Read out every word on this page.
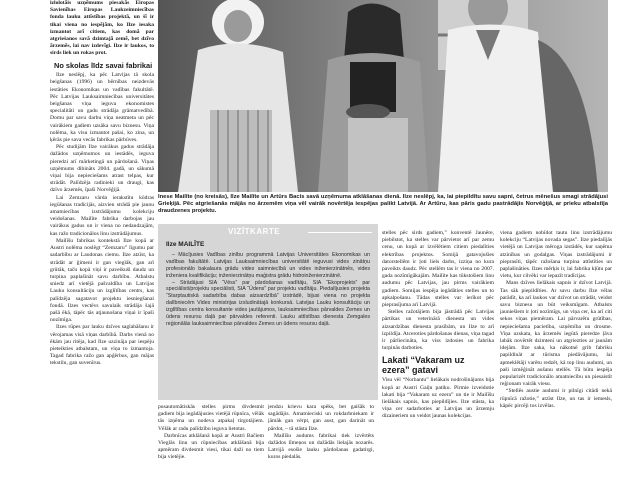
izlolotāis uzņēmums piesakās Eiropas Savienības Eiropas Laukzeimniecības fonda lauku attīstības projektā, un šī ir tikai viena no iespējām, ko Ilze iesaka izmantot arī citiem, kas domā par atgriešanos savā dzimtajā zemē, bet dzīvo ārzemēs, lai nav izdevīgi. Ilze ir laukos, to sirds liek un rokas prot.

No skolas līdz savai fabrikai

Ilze neslēpj, ka pēc Latvijas tā skola beigšanas (1996) un bērnības neizdevās iestāties Ekonomikas un vadības fakultātē. Pēc Latvijas Lauksaimniecības universitātes beigšanas viņa ieguva ekonomistes specialitāti un gadu strādāja grāmatvedībā. Domu par savu darbu viņa neatmeta un pēc vairākiem gadiem uzsāka savu biznesu. Viņa nolēma, ka visu izmantot pašai, ko zina, un ķērās pie sava vecās fabrikas pārbūves.

Pēc studijām Ilze vairākus gadus strādāja dažādos uzņēmumos un iestādēs, ieguva pieredzi arī mārketingā un pārdošanā. Viņas uzņēmums dibināts 2004. gadā, un sākumā viņai bija nepieciešams atrast telpas, kur strādāt. Palīdzēja radinieki un draugi, kas dzīvo ārzemēs, īpaši Norvēģijā.

Lai Zemzaru vārda ierakstītu kūdras iegūšanas tradīcijās, aizvien strādā pie jaunu amatniecības izstrādājumu kolekciju veidošanas. Mailīte fabrika darbojas jau vairākus gadus un ir viena no nedaudzajām, kas ražo tradicionālos linu izstrādājumus.

Mailīšu fabrikas kontekstā Ilze kopā ar Austri nolēma noslēgt “Zemzaru” līgumu par sadarbību ar Laudonas ciemu. Ilze atzīst, ka strādāt ar ģimeni ir gan vieglāk, gan arī grūtāk, taču kopā viņi ir paveikuši daudz un turpina paplašināt savu darbību. Atbalstu sniedz arī vietējā pašvaldība un Latvijas Lauku konsultāciju un izglītības centrs, kas palīdzēja sagatavot projektu iesniegšanai fondā. Ilzes vectēvs savulaik strādāja šajā pašā ēkā, tāpēc tās atjaunošana viņai ir īpaši nozīmīga.

Ilzes rūpes par lauku dzīves saglabāšanu ir vērojamas visā viņas darbībā. Darbs vienā no ēkām jau ritēja, kad Ilze uzzināja par iespēju pieteikties atbalstam, un viņa to izmantoja. Tagad fabrika ražo gan apģērbus, gan mājas tekstilu, gan suvenīrus.

Inese Mailīte (no kreisās), Ilze Mailīte un Artūrs Bacis savā uzņēmuma atklāšanas dienā. Ilze neslēpj, ka, lai piepildītu savu sapni, četrus mēnešus smagi strādājusi Grieķijā. Pēc atgriešanās mājās no ārzemēm viņa vēl vairāk novērtēja iespējas palikt Latvijā. Ar Artūru, kas pāris gadu pastrādājis Norvēģijā, ar prieku atbalstīja draudzenes projektu.
VIZĪTKARTE
Ilze MAILĪTE

– Mācījusies Vadības zinību programmā Latvijas Universitātes Ekonomikas un vadības fakultātē. Latvijas Lauksaimniecības universitātē ieguvusi vides zinātņu profesionālo bakalaura grādu vides saimniecībā un vides inženierzinātnēs, vides inženiera kvalifikāciju; inženierzinātņu maģistra grādu hidroinženierzinātnē.

– Strādājusi SIA “Vēss” par pārdošanas vadītāju, SIA “Ekoprojekts” par speciālisti/projektu speciālisti, SIA “Ūdens” par projektu vadītāju. Piedalījusies projekta “Starptautiskā sadarbība dabas aizsardzībā” izstrādē, bijusi viena no projekta dalībniecēm Vides ministrijas izsludinātajā konkursā. Latvijas Lauku konsultāciju un izglītības centra konsultante vides jautājumos, lauksaimniecības pārvaldes Zemes un ūdens resursu daļā par pārvaldes referenti. Lauku attīstības dienesta Zemgales reģionālās lauksaimniecības pārvaldes Zemes un ūdens resursu daļā.

pusautomātiskās stelles pirms divdesmit gadiem bija iegādājusies vietējā rūpnīca, vēlāk tās izņēma un nodeva atpakaļ tirgotājiem. Vēlāk ar radu palīdzību ieguva lietotas.

Darbnīcas atklāšanā kopā ar Austri Bačiem Vieglās linu un rūpniecības atklāšanā bija apmēram divdesmit viesi, tikai daži no tiem bija vietējie.

jendzu krievu kara spēks, bet gaišāk to sagādājis. Amatnieciski un rokdarbniekam ir jāmāk gan vērpt, gan aust, gan darināt un pārdot, – tā stāsta Ilze.

Mailīšu audums fabrikai tiek izvērtēts dažādos līmeņos un dažādās lielajās nozarēs. Latvijā esošie lauku pārdošanas gadatirgi, kuros piedalās.

stelles pēc sirds gadiem,” konventē Jaunēre, piebilstot, ka stelles var pārvietot arī par zemu cenu, un kopā ar izvēlētiem citiem piedalīties elektrības projektos. Somijā gatavojušies datorstellēm ir ļoti liels darbs, izziņa no kura paveikts daudz. Pēc stellēm tas ir viena no 2007. gada nozīmīgākajām. Mailīte kas tūkstošiem linu audumu pēc Latvijas, jau pirms vairākiem gadiem. Somijas iespēja iegādāties stelles un to apkalpošanu. Tādas stelles var ierīkot pēc pieprasījuma arī Latvijā.

Stelles ražotājiem bija jāstrādā pēc Latvijas pārtikas un veterinārā dienesta un vides aizsardzības dienesta prasībām, un Ilze to arī izpildīja. Atceroties pārdošanas dienas, viņa tagad ir pārliecināta, ka viss izdosies un fabrika turpinās darboties.

Lakati “Vakaram uz ezera” gatavi

Visu vēl “Norbantu” lielākais nodrošinājums bija kopā ar Austri Gaiļu patiku. Pirmie izveidotie lakati bija “Vakaram uz ezera” un tie ir Mailīšu lielākais sapnis, kas piepildījies. Ilze stāsta, ka viņa cer sadarboties ar Latvijas un ārzemju dizaineriem un veidot jaunas kolekcijas.

viena gadiem nobīdot tautu linu izstrādājumu kolekciju “Latvijas novada segas”. Ilze piedalījās vietējā un Latvijas mēroga izstādēs, kur saņēma atzinības un godalgas. Viņas izstrādājumi ir pieprasīti, tāpēc ražošana turpina attīstīties un paplašināties. Ilzes mērķis ir, lai fabrika kļūtu par vietu, kur cilvēki var iepazīt tradīcijas.

Mans dzīves lielākais sapnis ir dzīvot Latvijā. Tas sāk piepildīties. Ar savu darbu Ilze vēlas parādīt, ka arī laukos var dzīvot un strādāt, veidot savu biznesu un būt veiksmīgam. Atbalsts jauniešiem ir ļoti nozīmīgs, un viņa cer, ka arī citi sekos viņas piemēram. Lai pārvarētu grūtības, nepieciešama pacietība, uzņēmība un drosme. Viņa uzskata, ka ārzemēs iegūtā pieredze ļāva labāk novērtēt dzimteni un atgriezties ar jaunām idejām. Ilze saka, ka nākotnē grib fabriku papildināt ar tūrisma piedāvājumu, lai apmeklētāji varētu redzēt, kā top linu audumi, un paši izmēģināt aušanu stellēs. Tā būtu iespēja popularizēt tradicionālo amatniecību un piesaistīt reģionam vairāk viesu.

“Stellēs austie audumi ir pilnīgi citādi nekā rūpnīcā ražotie,” atzīst Ilze, un tas ir iemesls, kāpēc pircēji tos izvēlas.
